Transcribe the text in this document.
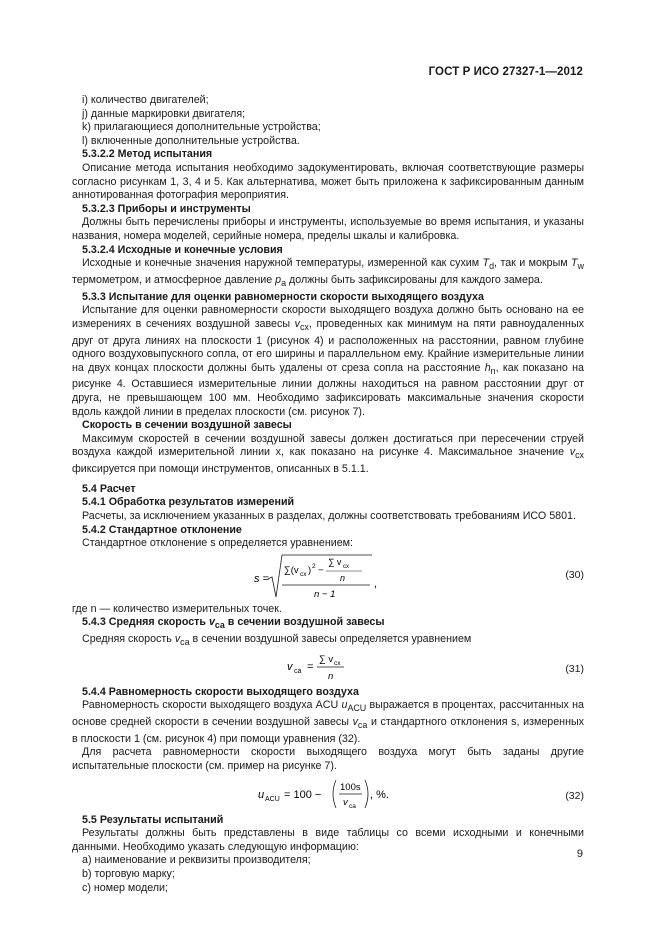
ГОСТ Р ИСО 27327-1—2012

i) количество двигателей;

j) данные маркировки двигателя;

k) прилагающиеся дополнительные устройства;

l) включенные дополнительные устройства.

5.3.2.2 Метод испытания

Описание метода испытания необходимо задокументировать, включая соответствующие размеры согласно рисункам 1, 3, 4 и 5. Как альтернатива, может быть приложена к зафиксированным данным аннотированная фотография мероприятия.

5.3.2.3 Приборы и инструменты

Должны быть перечислены приборы и инструменты, используемые во время испытания, и указаны названия, номера моделей, серийные номера, пределы шкалы и калибровка.

5.3.2.4 Исходные и конечные условия

Исходные и конечные значения наружной температуры, измеренной как сухим $T_d$, так и мокрым $T_w$ термометром, и атмосферное давление $p_a$ должны быть зафиксированы для каждого замера.

5.3.3 Испытание для оценки равномерности скорости выходящего воздуха

Испытание для оценки равномерности скорости выходящего воздуха должно быть основано на ее измерениях в сечениях воздушной завесы $v_{cx}$, проведенных как минимум на пяти равноудаленных друг от друга линиях на плоскости 1 (рисунок 4) и расположенных на расстоянии, равном глубине одного воздуховыпускного сопла, от его ширины и параллельном ему. Крайние измерительные линии на двух концах плоскости должны быть удалены от среза сопла на расстояние $h_n$, как показано на рисунке 4. Оставшиеся измерительные линии должны находиться на равном расстоянии друг от друга, не превышающем 100 мм. Необходимо зафиксировать максимальные значения скорости вдоль каждой линии в пределах плоскости (см. рисунок 7).

Скорость в сечении воздушной завесы

Максимум скоростей в сечении воздушной завесы должен достигаться при пересечении струей воздуха каждой измерительной линии x, как показано на рисунке 4. Максимальное значение $v_{cx}$ фиксируется при помощи инструментов, описанных в 5.1.1.

5.4 Расчет

5.4.1 Обработка результатов измерений

Расчеты, за исключением указанных в разделах, должны соответствовать требованиям ИСО 5801.

5.4.2 Стандартное отклонение

Стандартное отклонение s определяется уравнением:

s =
∑(v cx ) 2 −
∑ v cx
n
n − 1
,
(30)

где n — количество измерительных точек.

5.4.3 Средняя скорость $v_{ca}$ в сечении воздушной завесы

Средняя скорость $v_{ca}$ в сечении воздушной завесы определяется уравнением

v ca =
∑ v cx
n
(31)

5.4.4 Равномерность скорости выходящего воздуха

Равномерность скорости выходящего воздуха ACU $u_{ACU}$ выражается в процентах, рассчитанных на основе средней скорости в сечении воздушной завесы $v_{ca}$ и стандартного отклонения s, измеренных в плоскости 1 (см. рисунок 4) при помощи уравнения (32).

Для расчета равномерности скорости выходящего воздуха могут быть заданы другие испытательные плоскости (см. пример на рисунке 7).

u ACU = 100 −
100s
v ca
, %.	(32)

5.5 Результаты испытаний

Результаты должны быть представлены в виде таблицы со всеми исходными и конечными данными. Необходимо указать следующую информацию:

a) наименование и реквизиты производителя;

b) торговую марку;

c) номер модели;

9
